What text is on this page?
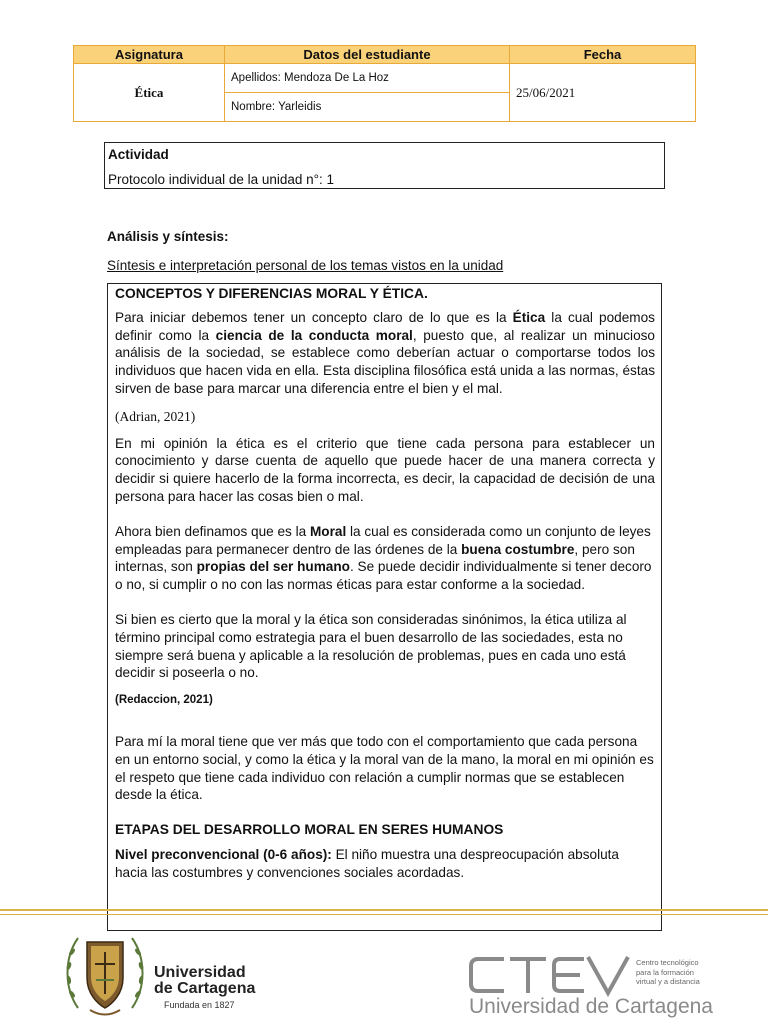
Asignatura	Datos del estudiante	Fecha
Ética	Apellidos: Mendoza De La Hoz	25/06/2021
	Nombre: Yarleidis	
Actividad
Protocolo individual de la unidad n°: 1
Análisis y síntesis:
Síntesis e interpretación personal de los temas vistos en la unidad
CONCEPTOS Y DIFERENCIAS MORAL Y ÉTICA.

Para iniciar debemos tener un concepto claro de lo que es la Ética la cual podemos definir como la ciencia de la conducta moral, puesto que, al realizar un minucioso análisis de la sociedad, se establece como deberían actuar o comportarse todos los individuos que hacen vida en ella. Esta disciplina filosófica está unida a las normas, éstas sirven de base para marcar una diferencia entre el bien y el mal.

(Adrian, 2021)

En mi opinión la ética es el criterio que tiene cada persona para establecer un conocimiento y darse cuenta de aquello que puede hacer de una manera correcta y decidir si quiere hacerlo de la forma incorrecta, es decir, la capacidad de decisión de una persona para hacer las cosas bien o mal.

Ahora bien definamos que es la Moral la cual es considerada como un conjunto de leyes empleadas para permanecer dentro de las órdenes de la buena costumbre, pero son internas, son propias del ser humano. Se puede decidir individualmente si tener decoro o no, si cumplir o no con las normas éticas para estar conforme a la sociedad.

Si bien es cierto que la moral y la ética son consideradas sinónimos, la ética utiliza al término principal como estrategia para el buen desarrollo de las sociedades, esta no siempre será buena y aplicable a la resolución de problemas, pues en cada uno está decidir si poseerla o no.

(Redaccion, 2021)

Para mí la moral tiene que ver más que todo con el comportamiento que cada persona en un entorno social, y como la ética y la moral van de la mano, la moral en mi opinión es el respeto que tiene cada individuo con relación a cumplir normas que se establecen desde la ética.

ETAPAS DEL DESARROLLO MORAL EN SERES HUMANOS

Nivel preconvencional (0-6 años): El niño muestra una despreocupación absoluta hacia las costumbres y convenciones sociales acordadas.

Universidad
de Cartagena
Fundada en 1827
Centro tecnológico
para la formación
virtual y a distancia
Universidad de Cartagena
